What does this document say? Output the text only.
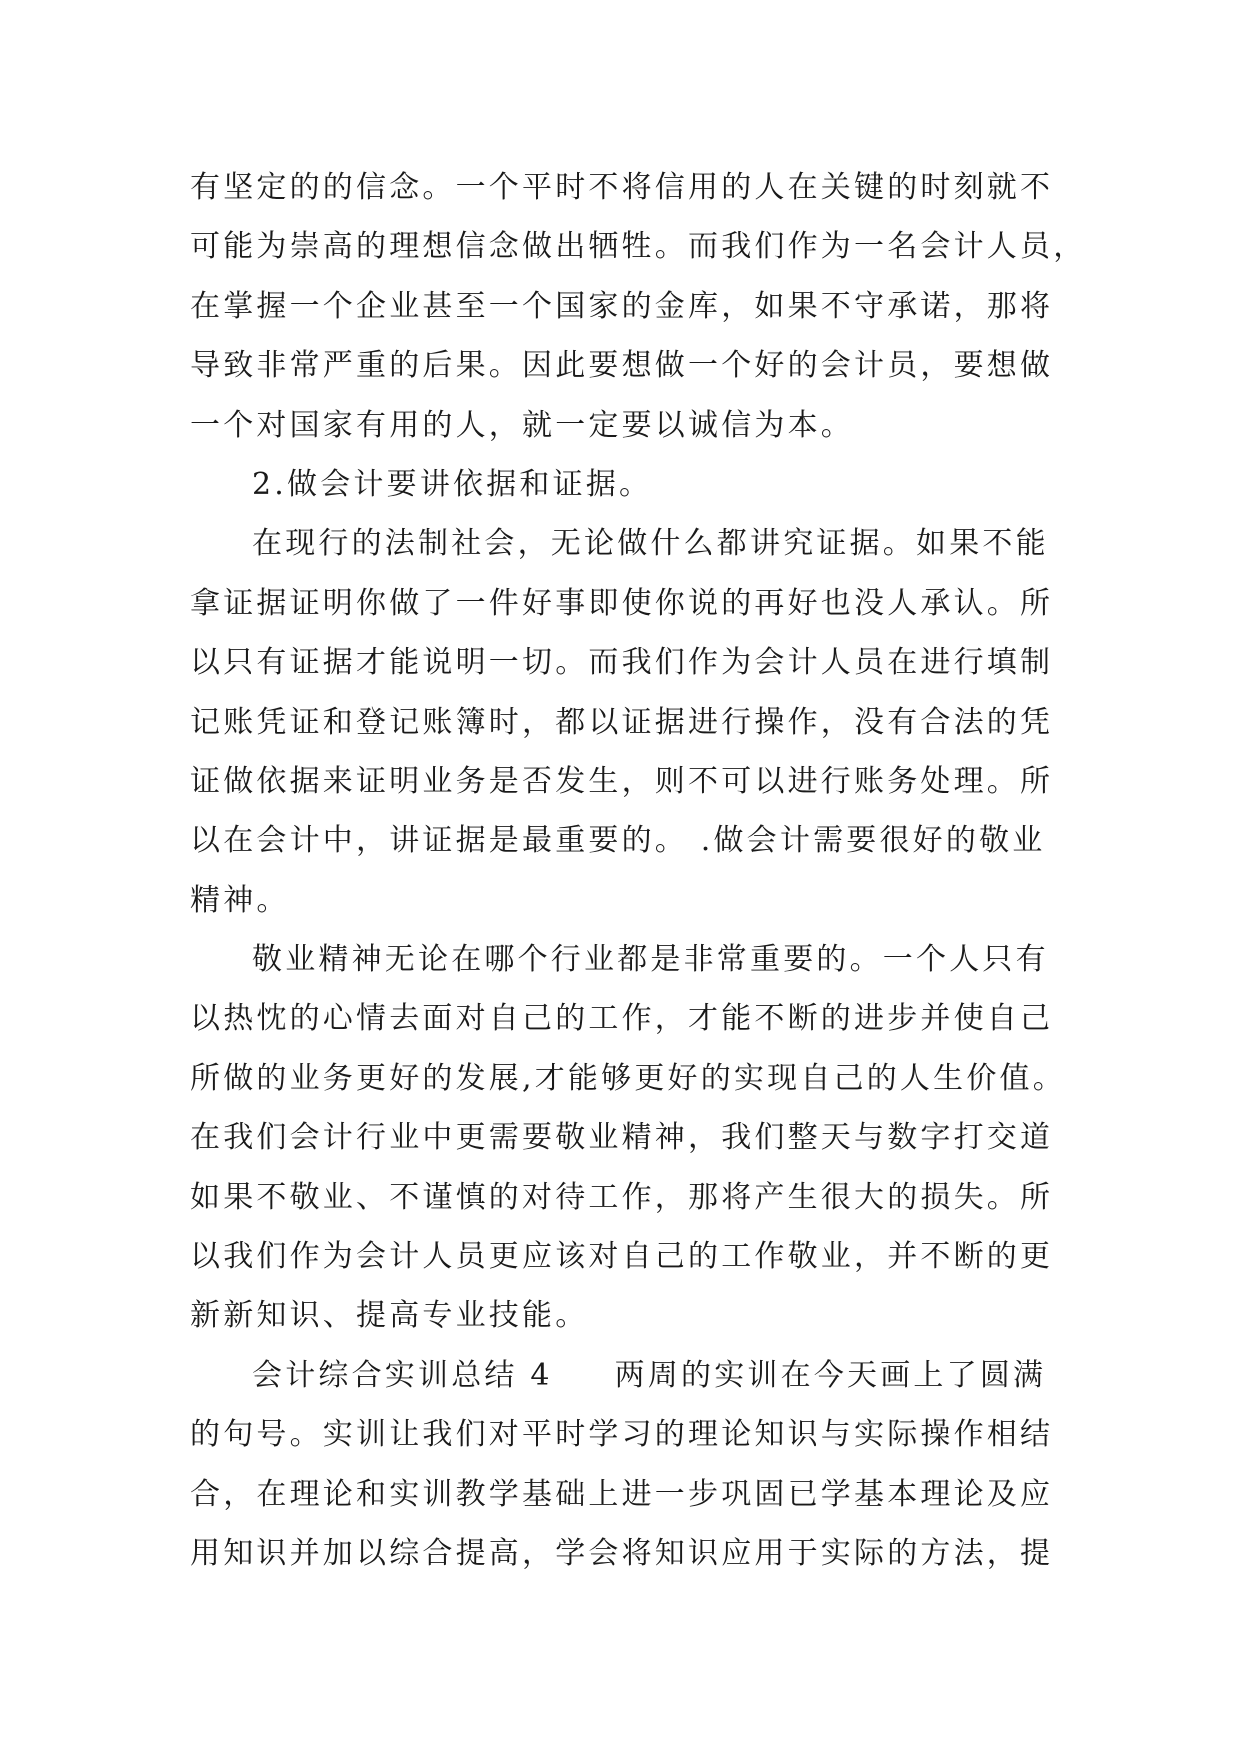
有坚定的的信念。一个平时不将信用的人在关键的时刻就不
可能为崇高的理想信念做出牺牲。而我们作为一名会计人员，
在掌握一个企业甚至一个国家的金库，如果不守承诺，那将
导致非常严重的后果。因此要想做一个好的会计员，要想做
一个对国家有用的人，就一定要以诚信为本。
2.做会计要讲依据和证据。
在现行的法制社会，无论做什么都讲究证据。如果不能
拿证据证明你做了一件好事即使你说的再好也没人承认。所
以只有证据才能说明一切。而我们作为会计人员在进行填制
记账凭证和登记账簿时，都以证据进行操作，没有合法的凭
证做依据来证明业务是否发生，则不可以进行账务处理。所
以在会计中，讲证据是最重要的。 .做会计需要很好的敬业
精神。
敬业精神无论在哪个行业都是非常重要的。一个人只有
以热忱的心情去面对自己的工作，才能不断的进步并使自己
所做的业务更好的发展,才能够更好的实现自己的人生价值。
在我们会计行业中更需要敬业精神，我们整天与数字打交道
如果不敬业、不谨慎的对待工作，那将产生很大的损失。所
以我们作为会计人员更应该对自己的工作敬业，并不断的更
新新知识、提高专业技能。
会计综合实训总结 4 两周的实训在今天画上了圆满
的句号。实训让我们对平时学习的理论知识与实际操作相结
合，在理论和实训教学基础上进一步巩固已学基本理论及应
用知识并加以综合提高，学会将知识应用于实际的方法，提
